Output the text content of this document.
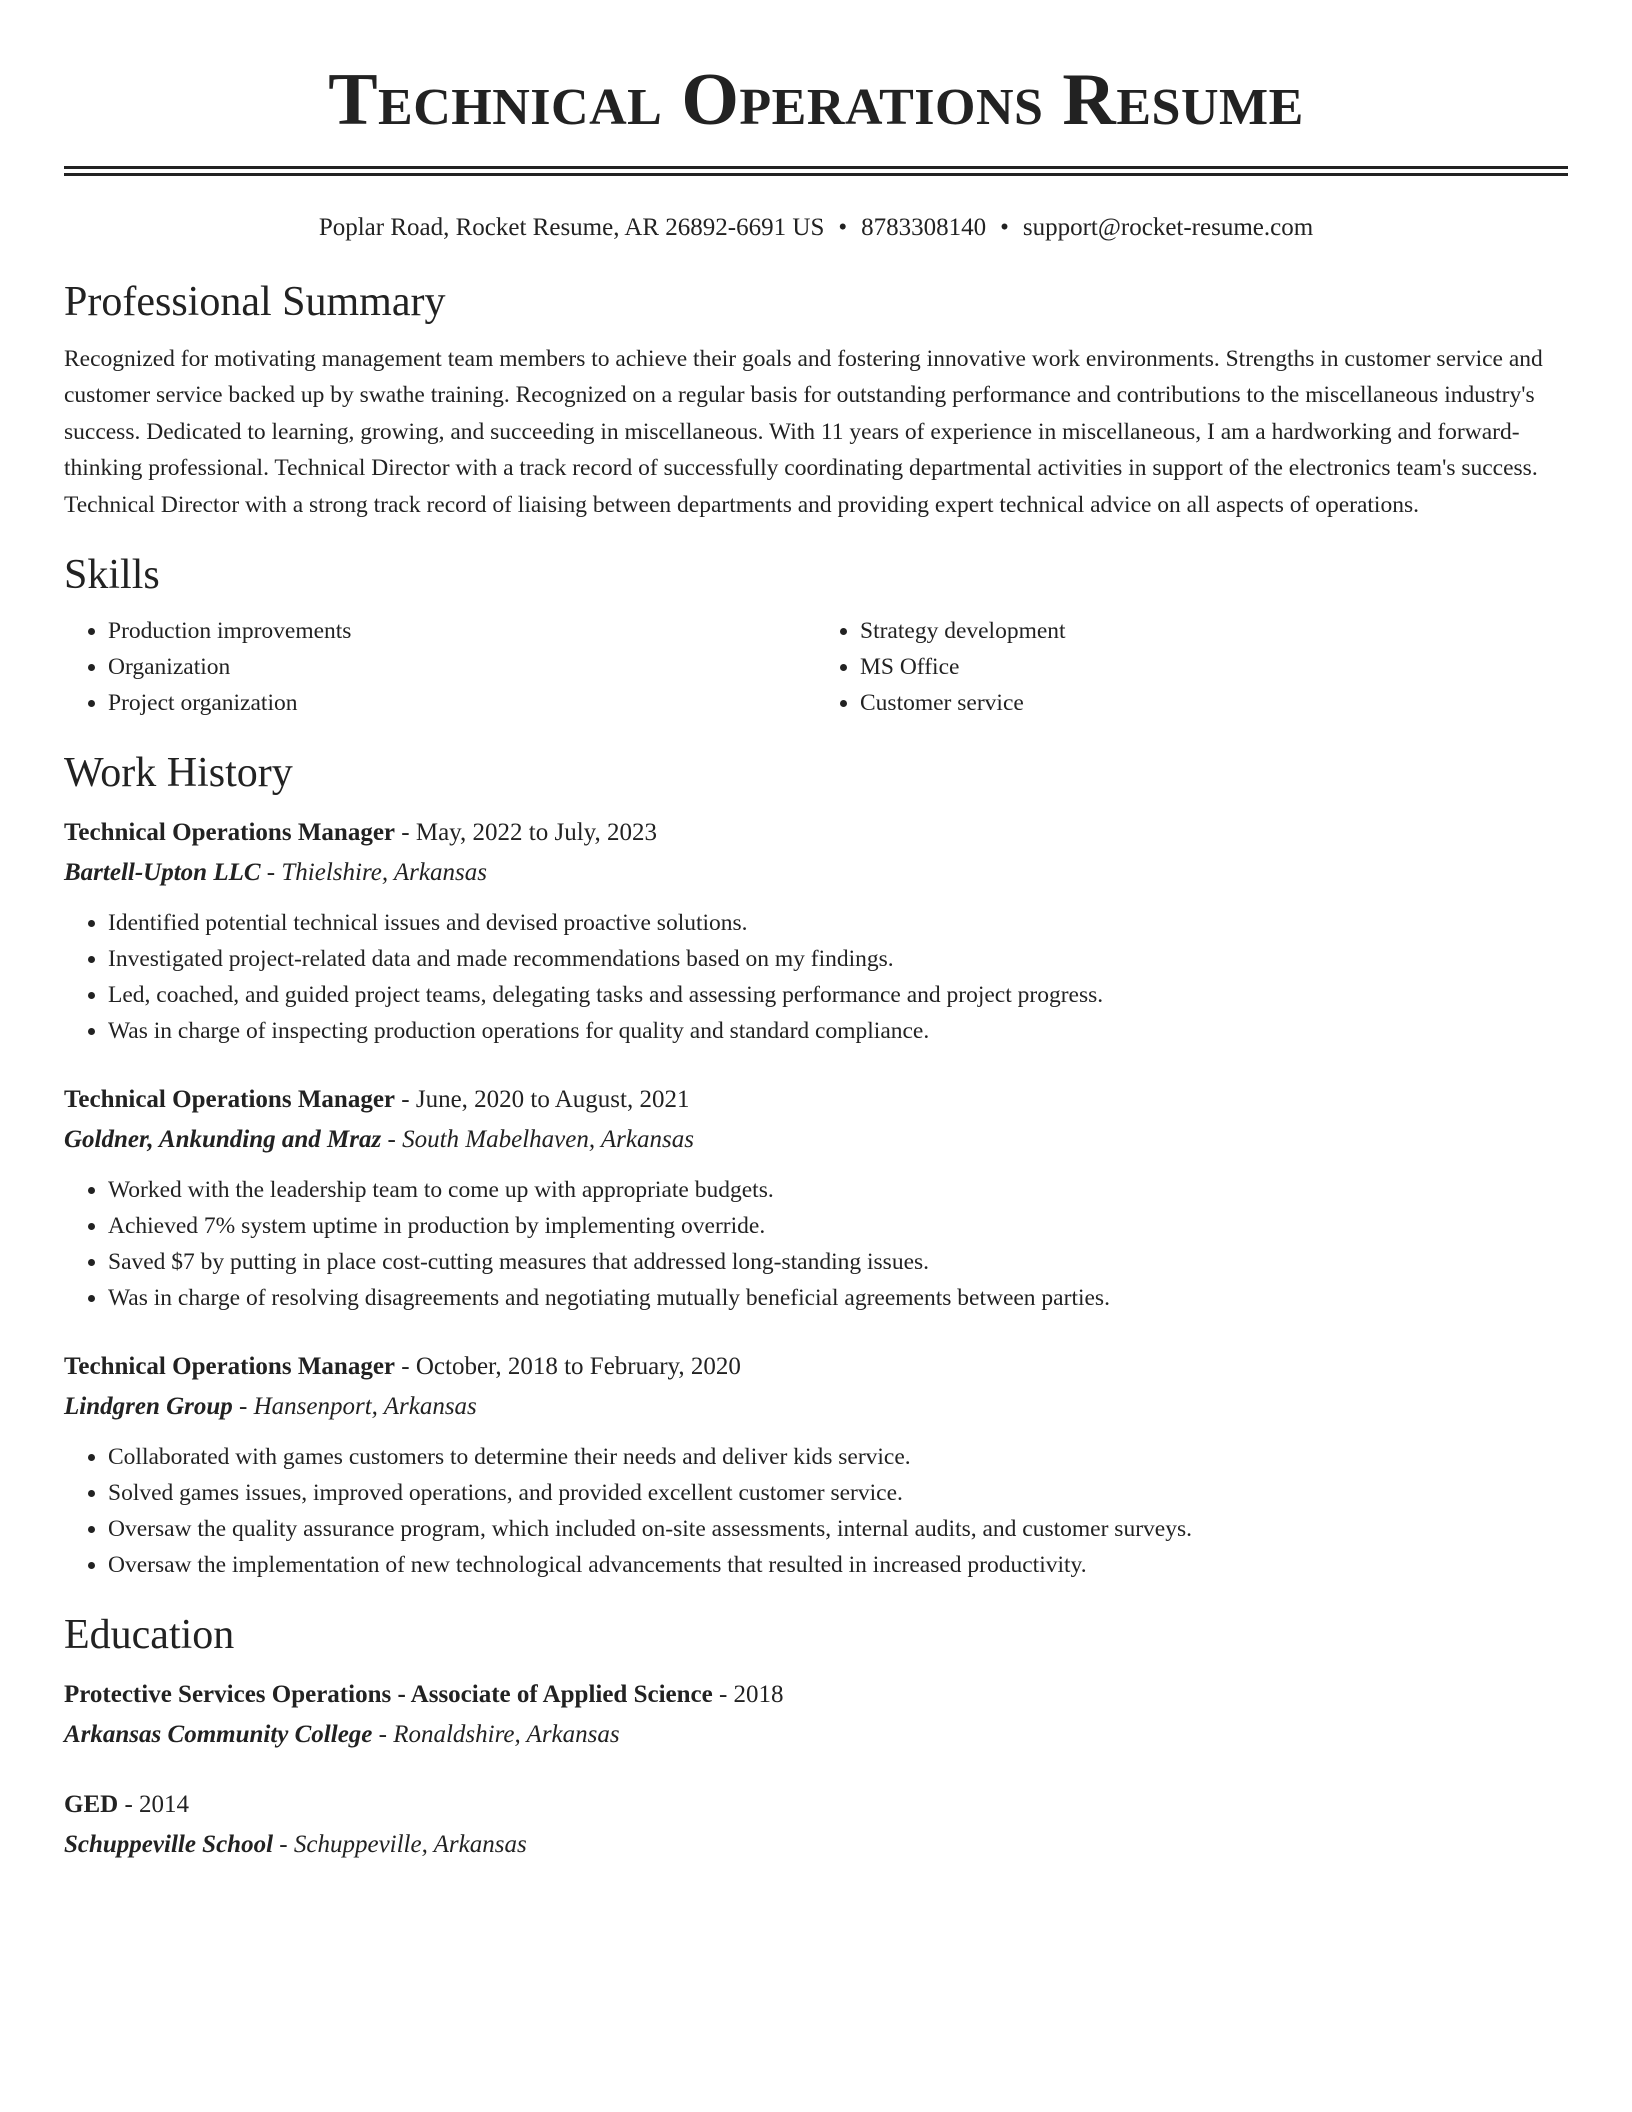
Technical Operations Resume
Poplar Road, Rocket Resume, AR 26892-6691 US • 8783308140 • support@rocket-resume.com
Professional Summary

Recognized for motivating management team members to achieve their goals and fostering innovative work environments. Strengths in customer service and customer service backed up by swathe training. Recognized on a regular basis for outstanding performance and contributions to the miscellaneous industry's success. Dedicated to learning, growing, and succeeding in miscellaneous. With 11 years of experience in miscellaneous, I am a hardworking and forward-thinking professional. Technical Director with a track record of successfully coordinating departmental activities in support of the electronics team's success. Technical Director with a strong track record of liaising between departments and providing expert technical advice on all aspects of operations.

Skills
• Production improvements
• Organization
• Project organization
• Strategy development
• MS Office
• Customer service
Work History
Technical Operations Manager - May, 2022 to July, 2023
Bartell-Upton LLC - Thielshire, Arkansas
• Identified potential technical issues and devised proactive solutions.
• Investigated project-related data and made recommendations based on my findings.
• Led, coached, and guided project teams, delegating tasks and assessing performance and project progress.
• Was in charge of inspecting production operations for quality and standard compliance.
Technical Operations Manager - June, 2020 to August, 2021
Goldner, Ankunding and Mraz - South Mabelhaven, Arkansas
• Worked with the leadership team to come up with appropriate budgets.
• Achieved 7% system uptime in production by implementing override.
• Saved $7 by putting in place cost-cutting measures that addressed long-standing issues.
• Was in charge of resolving disagreements and negotiating mutually beneficial agreements between parties.
Technical Operations Manager - October, 2018 to February, 2020
Lindgren Group - Hansenport, Arkansas
• Collaborated with games customers to determine their needs and deliver kids service.
• Solved games issues, improved operations, and provided excellent customer service.
• Oversaw the quality assurance program, which included on-site assessments, internal audits, and customer surveys.
• Oversaw the implementation of new technological advancements that resulted in increased productivity.
Education
Protective Services Operations - Associate of Applied Science - 2018
Arkansas Community College - Ronaldshire, Arkansas
GED - 2014
Schuppeville School - Schuppeville, Arkansas
